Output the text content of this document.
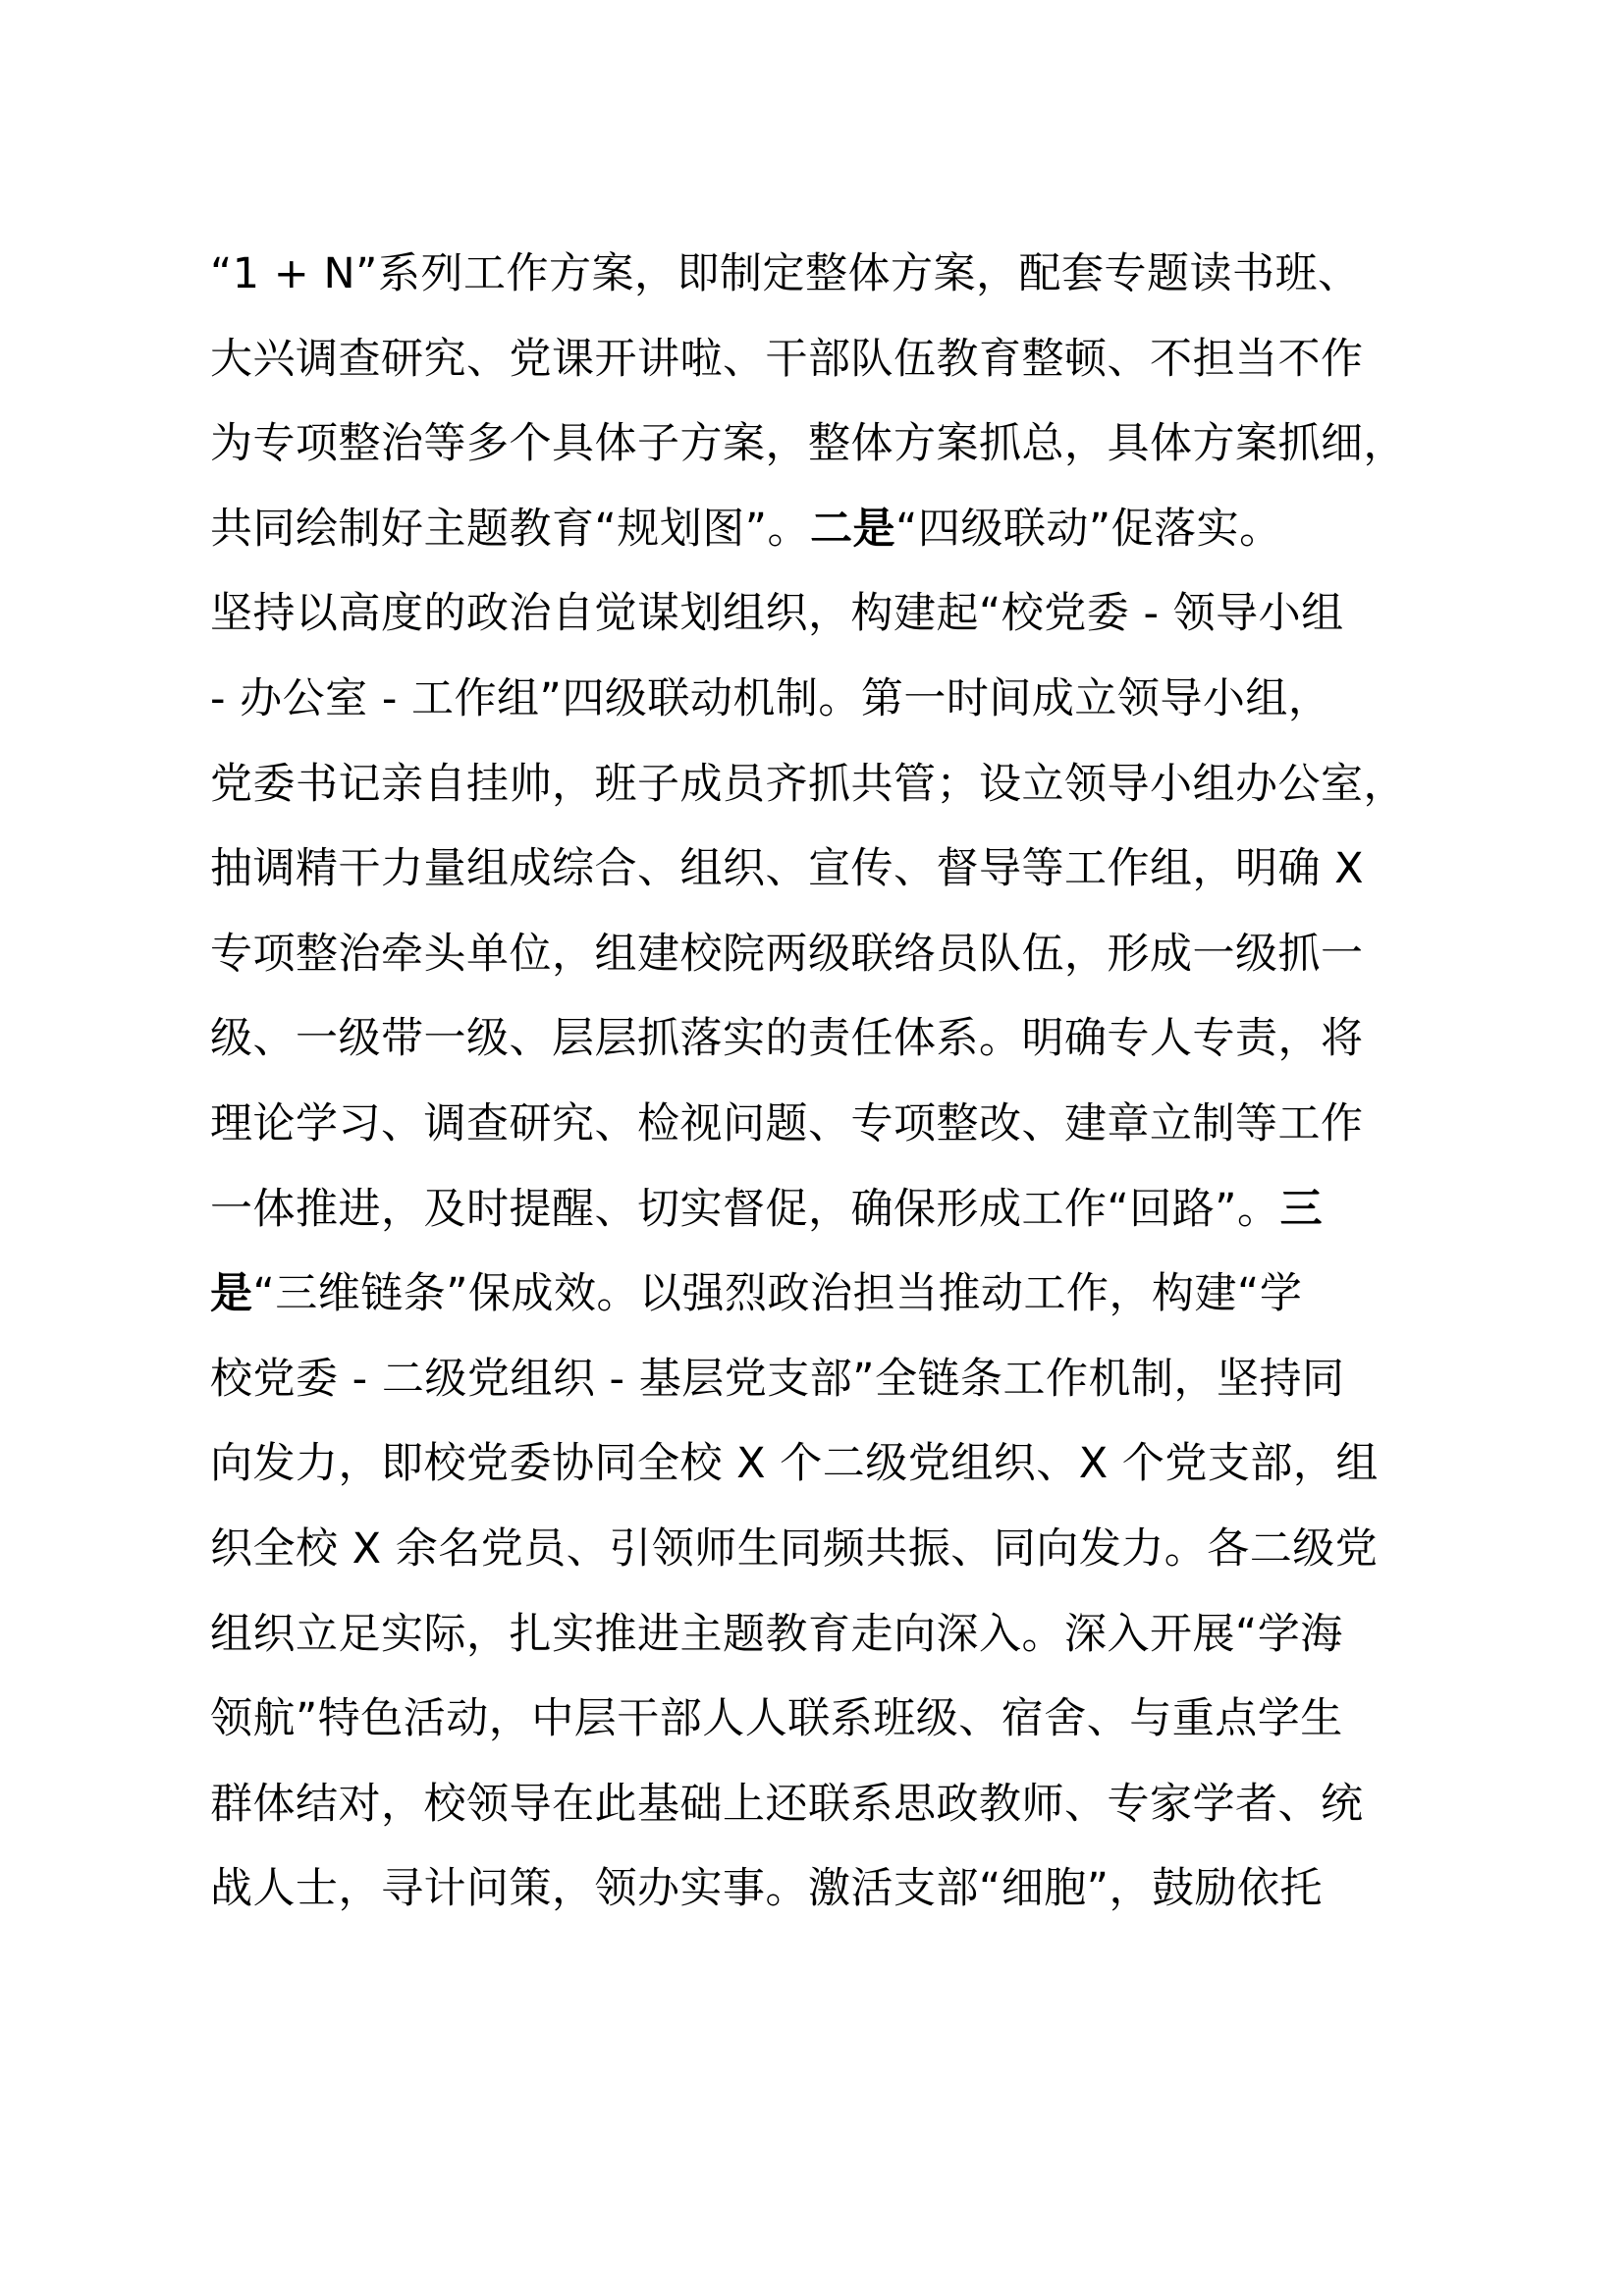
“1 + N”系列工作方案，即制定整体方案，配套专题读书班、
大兴调查研究、党课开讲啦、干部队伍教育整顿、不担当不作
为专项整治等多个具体子方案，整体方案抓总，具体方案抓细，
共同绘制好主题教育“规划图”。二是“四级联动”促落实。
坚持以高度的政治自觉谋划组织，构建起“校党委 - 领导小组
- 办公室 - 工作组”四级联动机制。第一时间成立领导小组，
党委书记亲自挂帅，班子成员齐抓共管；设立领导小组办公室，
抽调精干力量组成综合、组织、宣传、督导等工作组，明确 X
专项整治牵头单位，组建校院两级联络员队伍，形成一级抓一
级、一级带一级、层层抓落实的责任体系。明确专人专责，将
理论学习、调查研究、检视问题、专项整改、建章立制等工作
一体推进，及时提醒、切实督促，确保形成工作“回路”。三
是“三维链条”保成效。以强烈政治担当推动工作，构建“学
校党委 - 二级党组织 - 基层党支部”全链条工作机制，坚持同
向发力，即校党委协同全校 X 个二级党组织、X 个党支部，组
织全校 X 余名党员、引领师生同频共振、同向发力。各二级党
组织立足实际，扎实推进主题教育走向深入。深入开展“学海
领航”特色活动，中层干部人人联系班级、宿舍、与重点学生
群体结对，校领导在此基础上还联系思政教师、专家学者、统
战人士，寻计问策，领办实事。激活支部“细胞”，鼓励依托
